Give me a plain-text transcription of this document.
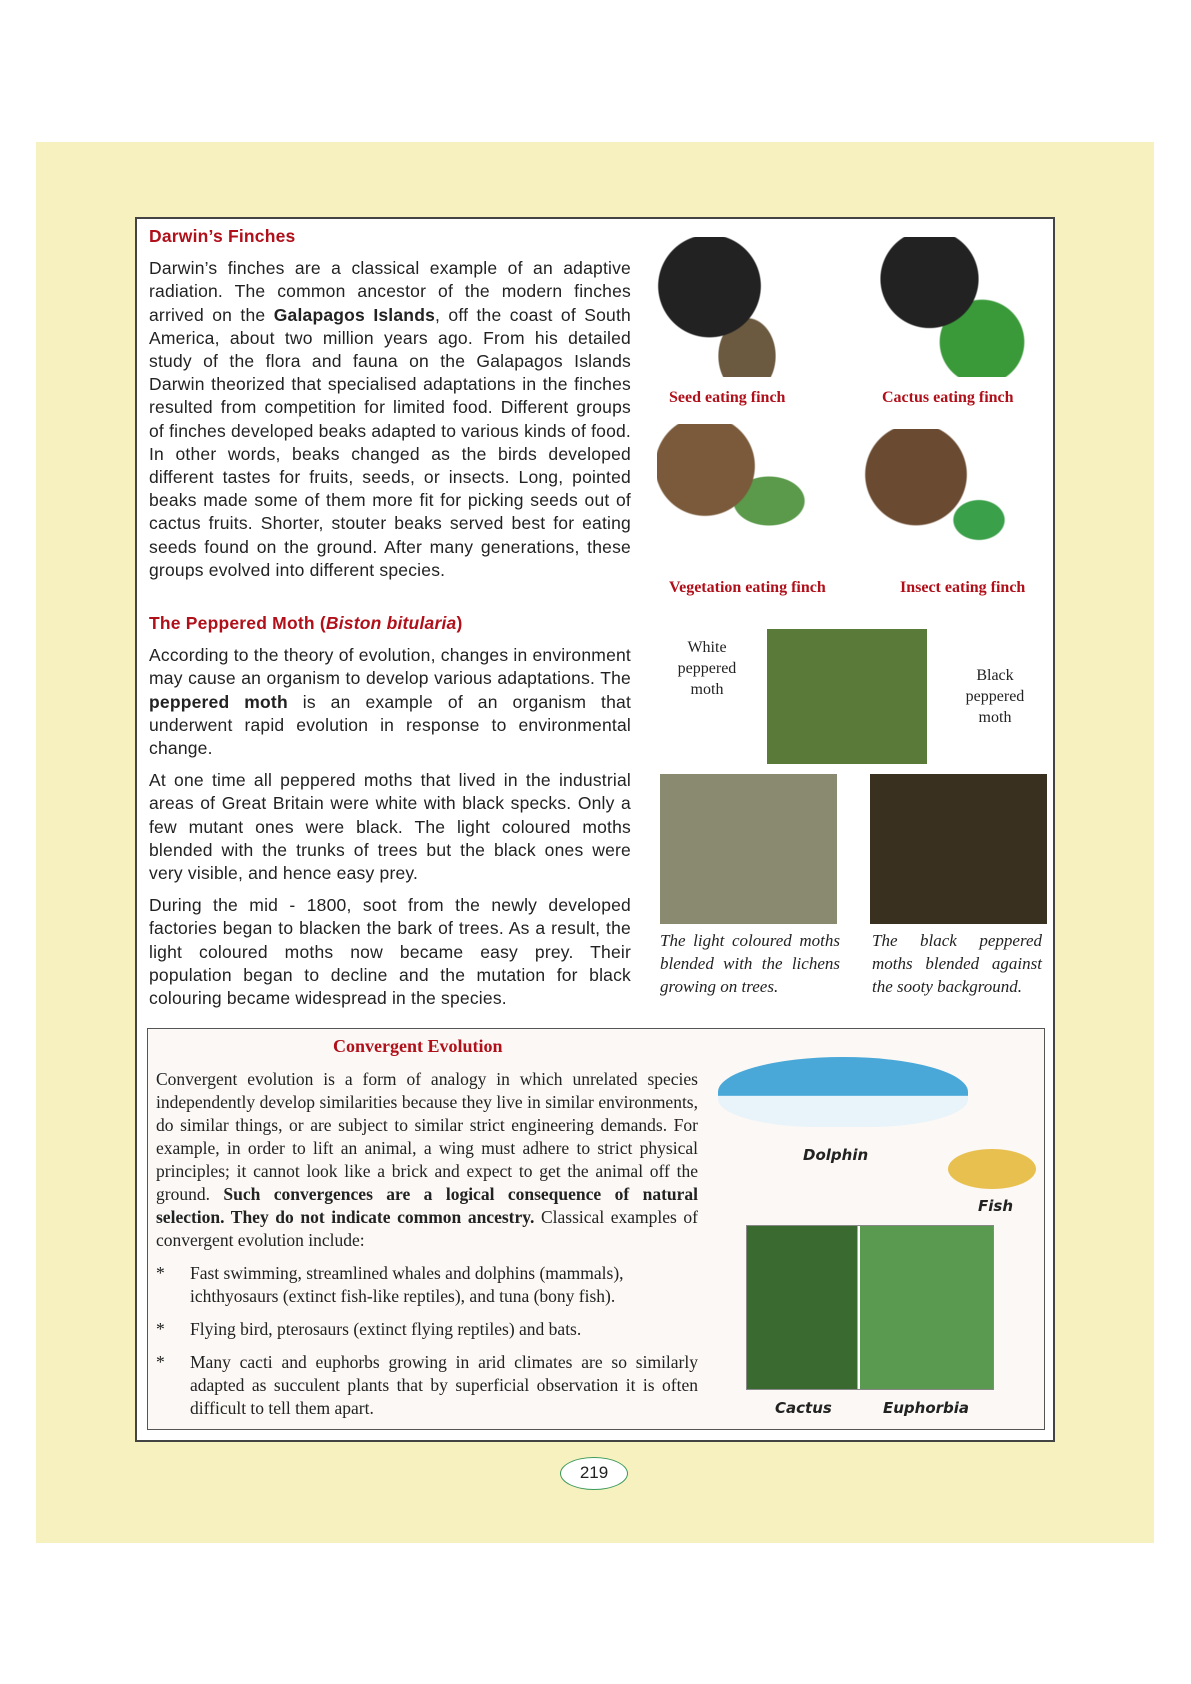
Darwin’s Finches

Darwin’s finches are a classical example of an adaptive radiation. The common ancestor of the modern finches arrived on the Galapagos Islands, off the coast of South America, about two million years ago. From his detailed study of the flora and fauna on the Galapagos Islands Darwin theorized that specialised adaptations in the finches resulted from competition for limited food. Different groups of finches developed beaks adapted to various kinds of food. In other words, beaks changed as the birds developed different tastes for fruits, seeds, or insects. Long, pointed beaks made some of them more fit for picking seeds out of cactus fruits. Shorter, stouter beaks served best for eating seeds found on the ground. After many generations, these groups evolved into different species.

The Peppered Moth (Biston bitularia)

According to the theory of evolution, changes in environment may cause an organism to develop various adaptations. The peppered moth is an example of an organism that underwent rapid evolution in response to environmental change.

At one time all peppered moths that lived in the industrial areas of Great Britain were white with black specks. Only a few mutant ones were black. The light coloured moths blended with the trunks of trees but the black ones were very visible, and hence easy prey.

During the mid - 1800, soot from the newly developed factories began to blacken the bark of trees. As a result, the light coloured moths now became easy prey. Their population began to decline and the mutation for black colouring became widespread in the species.

Seed eating finch	Cactus eating finch
Vegetation eating finch	Insect eating finch
White peppered moth
Black peppered moth
The light coloured moths blended with the lichens growing on trees.
The black peppered moths blended against the sooty background.
Convergent Evolution
Convergent evolution is a form of analogy in which unrelated species independently develop similarities because they live in similar environments, do similar things, or are subject to similar strict engineering demands. For example, in order to lift an animal, a wing must adhere to strict physical principles; it cannot look like a brick and expect to get the animal off the ground. Such convergences are a logical consequence of natural selection. They do not indicate common ancestry. Classical examples of convergent evolution include:
*	Fast swimming, streamlined whales and dolphins (mammals), ichthyosaurs (extinct fish-like reptiles), and tuna (bony fish).
*	Flying bird, pterosaurs (extinct flying reptiles) and bats.
*	Many cacti and euphorbs growing in arid climates are so similarly adapted as succulent plants that by superficial observation it is often difficult to tell them apart.
Dolphin
Fish
Cactus	Euphorbia
219
